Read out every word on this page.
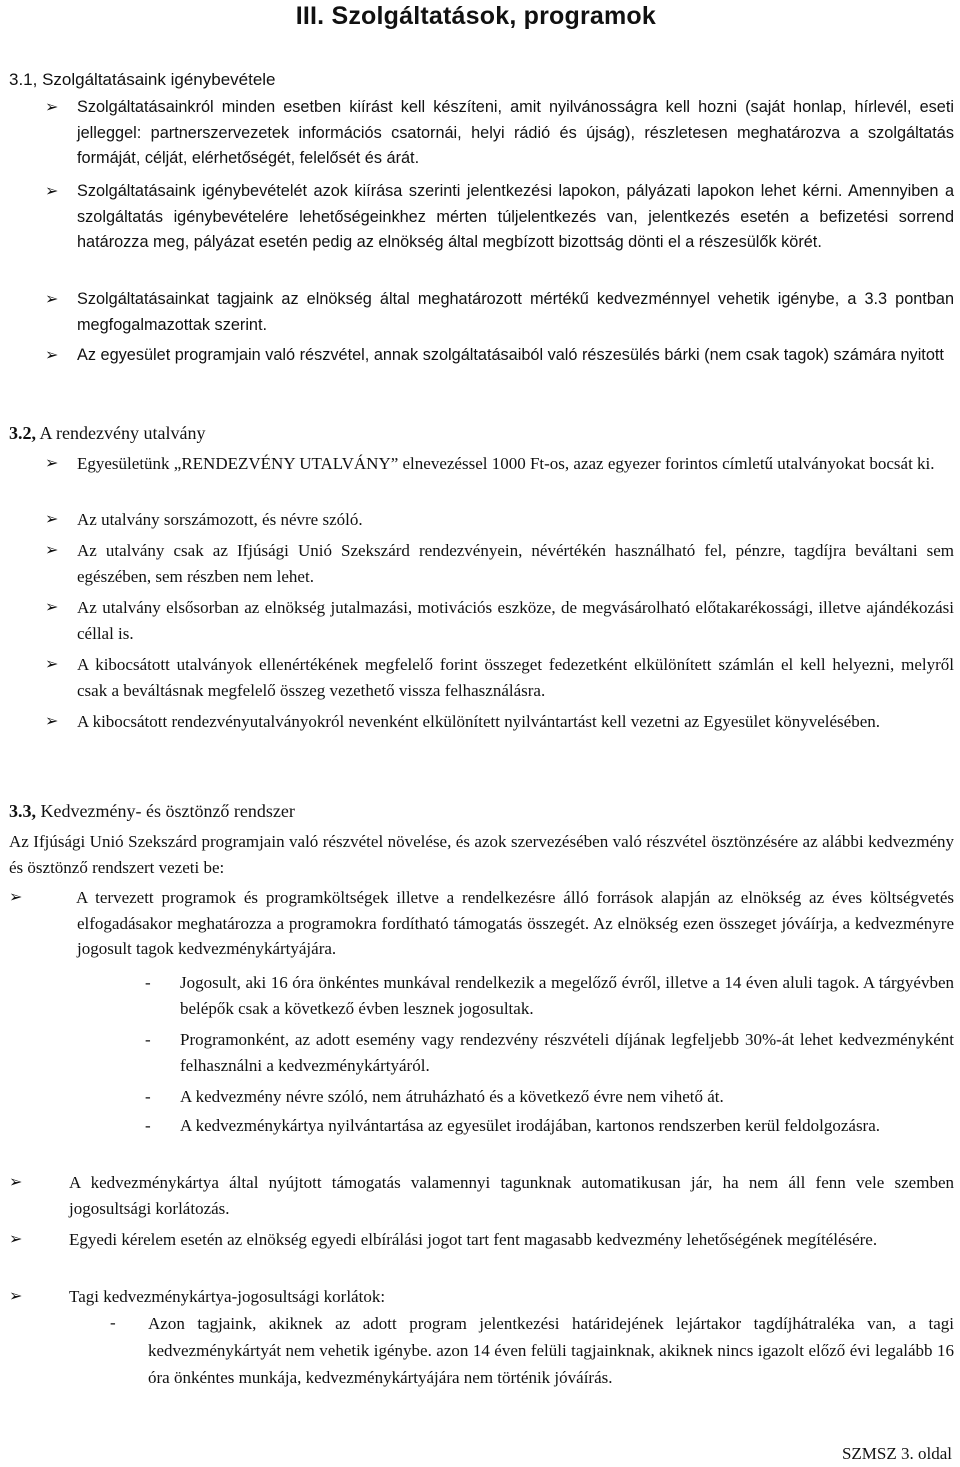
III. Szolgáltatások, programok
3.1, Szolgáltatásaink igénybevétele
➢	Szolgáltatásainkról minden esetben kiírást kell készíteni, amit nyilvánosságra kell hozni (saját honlap, hírlevél, eseti jelleggel: partnerszervezetek információs csatornái, helyi rádió és újság), részletesen meghatározva a szolgáltatás formáját, célját, elérhetőségét, felelősét és árát.
➢	Szolgáltatásaink igénybevételét azok kiírása szerinti jelentkezési lapokon, pályázati lapokon lehet kérni. Amennyiben a szolgáltatás igénybevételére lehetőségeinkhez mérten túljelentkezés van, jelentkezés esetén a befizetési sorrend határozza meg, pályázat esetén pedig az elnökség által megbízott bizottság dönti el a részesülők körét.
➢	Szolgáltatásainkat tagjaink az elnökség által meghatározott mértékű kedvezménnyel vehetik igénybe, a 3.3 pontban megfogalmazottak szerint.
➢	Az egyesület programjain való részvétel, annak szolgáltatásaiból való részesülés bárki (nem csak tagok) számára nyitott
3.2, A rendezvény utalvány
➢	Egyesületünk „RENDEZVÉNY UTALVÁNY” elnevezéssel 1000 Ft-os, azaz egyezer forintos címletű utalványokat bocsát ki.
➢	Az utalvány sorszámozott, és névre szóló.
➢	Az utalvány csak az Ifjúsági Unió Szekszárd rendezvényein, névértékén használható fel, pénzre, tagdíjra beváltani sem egészében, sem részben nem lehet.
➢	Az utalvány elsősorban az elnökség jutalmazási, motivációs eszköze, de megvásárolható előtakarékossági, illetve ajándékozási céllal is.
➢	A kibocsátott utalványok ellenértékének megfelelő forint összeget fedezetként elkülönített számlán el kell helyezni, melyről csak a beváltásnak megfelelő összeg vezethető vissza felhasználásra.
➢	A kibocsátott rendezvényutalványokról nevenként elkülönített nyilvántartást kell vezetni az Egyesület könyvelésében.
3.3, Kedvezmény- és ösztönző rendszer

Az Ifjúsági Unió Szekszárd programjain való részvétel növelése, és azok szervezésében való részvétel ösztönzésére az alábbi kedvezmény és ösztönző rendszert vezeti be:

➢	A tervezett programok és programköltségek illetve a rendelkezésre álló források alapján az elnökség az éves költségvetés elfogadásakor meghatározza a programokra fordítható támogatás összegét. Az elnökség ezen összeget jóváírja, a kedvezményre jogosult tagok kedvezménykártyájára.
-	Jogosult, aki 16 óra önkéntes munkával rendelkezik a megelőző évről, illetve a 14 éven aluli tagok. A tárgyévben belépők csak a következő évben lesznek jogosultak.
-	Programonként, az adott esemény vagy rendezvény részvételi díjának legfeljebb 30%-át lehet kedvezményként felhasználni a kedvezménykártyáról.
-	A kedvezmény névre szóló, nem átruházható és a következő évre nem vihető át.
-	A kedvezménykártya nyilvántartása az egyesület irodájában, kartonos rendszerben kerül feldolgozásra.
➢	A kedvezménykártya által nyújtott támogatás valamennyi tagunknak automatikusan jár, ha nem áll fenn vele szemben jogosultsági korlátozás.
➢	Egyedi kérelem esetén az elnökség egyedi elbírálási jogot tart fent magasabb kedvezmény lehetőségének megítélésére.
➢	Tagi kedvezménykártya-jogosultsági korlátok:
-	Azon tagjaink, akiknek az adott program jelentkezési határidejének lejártakor tagdíjhátraléka van, a tagi kedvezménykártyát nem vehetik igénybe. azon 14 éven felüli tagjainknak, akiknek nincs igazolt előző évi legalább 16 óra önkéntes munkája, kedvezménykártyájára nem történik jóváírás.
SZMSZ 3. oldal
